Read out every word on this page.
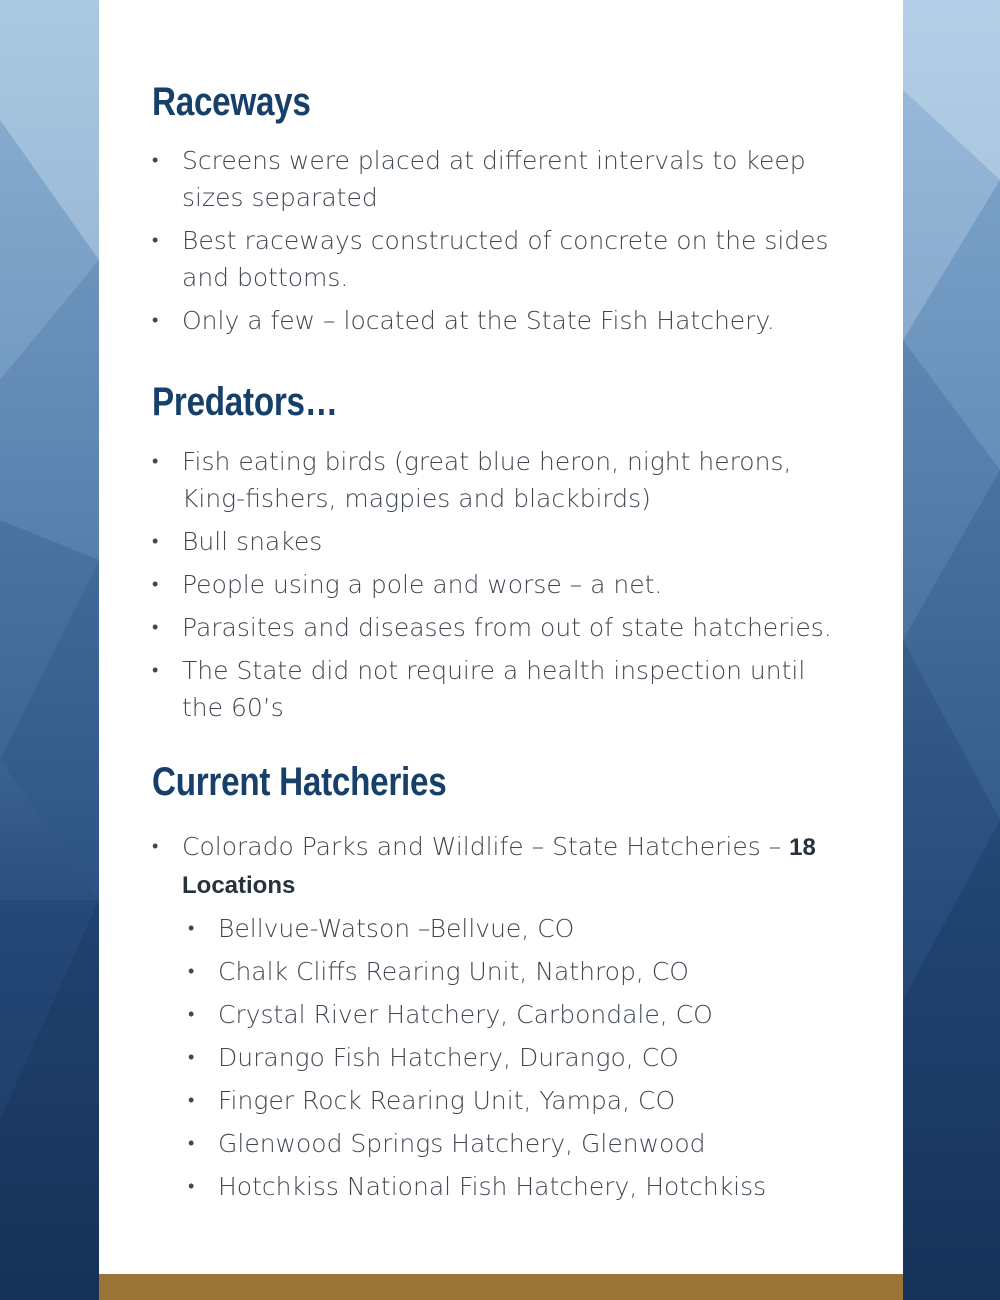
Raceways
• Screens were placed at different intervals to keep sizes separated
• Best raceways constructed of concrete on the sides and bottoms.
• Only a few – located at the State Fish Hatchery.
Predators…
• Fish eating birds (great blue heron, night herons, King-fishers, magpies and blackbirds)
• Bull snakes
• People using a pole and worse – a net.
• Parasites and diseases from out of state hatcheries.
• The State did not require a health inspection until the 60’s
Current Hatcheries
• Colorado Parks and Wildlife – State Hatcheries – 18 Locations
• Bellvue-Watson –Bellvue, CO
• Chalk Cliffs Rearing Unit, Nathrop, CO
• Crystal River Hatchery, Carbondale, CO
• Durango Fish Hatchery, Durango, CO
• Finger Rock Rearing Unit, Yampa, CO
• Glenwood Springs Hatchery, Glenwood
• Hotchkiss National Fish Hatchery, Hotchkiss
